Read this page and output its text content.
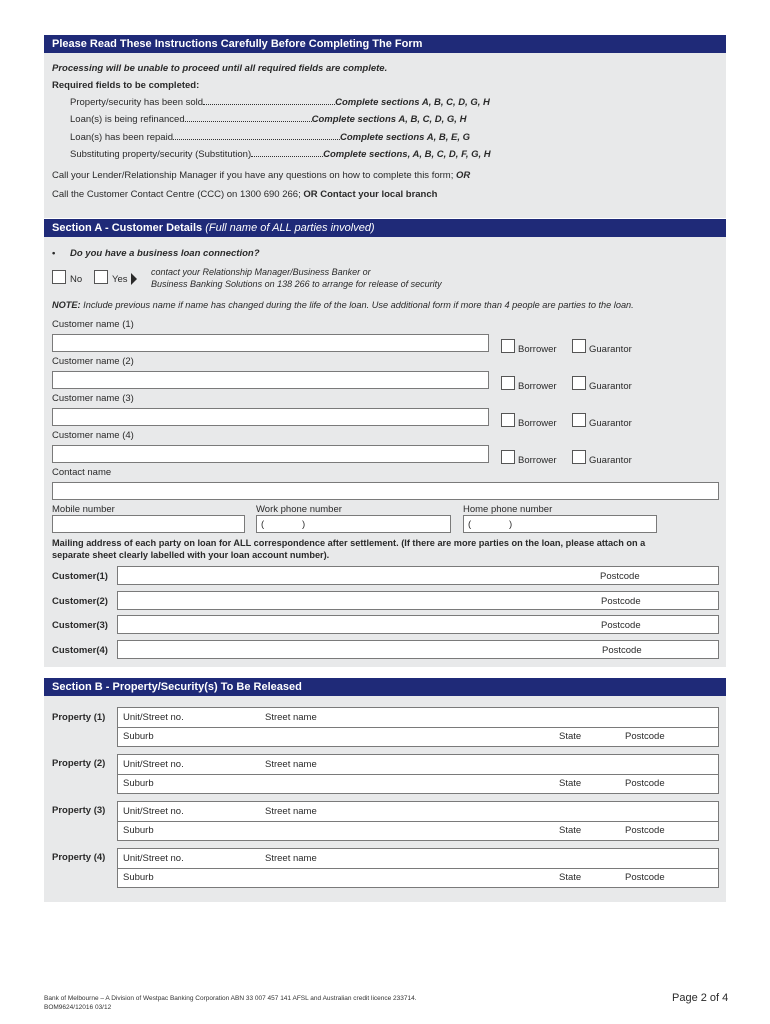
Please Read These Instructions Carefully Before Completing The Form
Processing will be unable to proceed until all required fields are complete.
Required fields to be completed:
Property/security has been sold	Complete sections A, B, C, D, G, H
Loan(s) is being refinanced	Complete sections A, B, C, D, G, H
Loan(s) has been repaid	Complete sections A, B, E, G
Substituting property/security (Substitution)	Complete sections, A, B, C, D, F, G, H
Call your Lender/Relationship Manager if you have any questions on how to complete this form; OR
Call the Customer Contact Centre (CCC) on 1300 690 266; OR Contact your local branch
Section A - Customer Details (Full name of ALL parties involved)
• Do you have a business loan connection?
No	Yes
contact your Relationship Manager/Business Banker or
Business Banking Solutions on 138 266 to arrange for release of security
NOTE: Include previous name if name has changed during the life of the loan. Use additional form if more than 4 people are parties to the loan.
Customer name (1)
Borrower	Guarantor
Customer name (2)
Borrower	Guarantor
Customer name (3)
Borrower	Guarantor
Customer name (4)
Borrower	Guarantor
Contact name
Mobile number	Work phone number	Home phone number
(	)	(	)
Mailing address of each party on loan for ALL correspondence after settlement. (If there are more parties on the loan, please attach on a
separate sheet clearly labelled with your loan account number).
Customer(1)	Postcode
Customer(2)	Postcode
Customer(3)	Postcode
Customer(4)	Postcode
Section B - Property/Security(s) To Be Released
Property (1) Unit/Street no.	Street name
Suburb	State	Postcode
Property (2) Unit/Street no.	Street name
Suburb	State	Postcode
Property (3) Unit/Street no.	Street name
Suburb	State	Postcode
Property (4) Unit/Street no.	Street name
Suburb	State	Postcode
Bank of Melbourne – A Division of Westpac Banking Corporation ABN 33 007 457 141 AFSL and Australian credit licence 233714.
BOM9624/12016 03/12
Page 2 of 4
